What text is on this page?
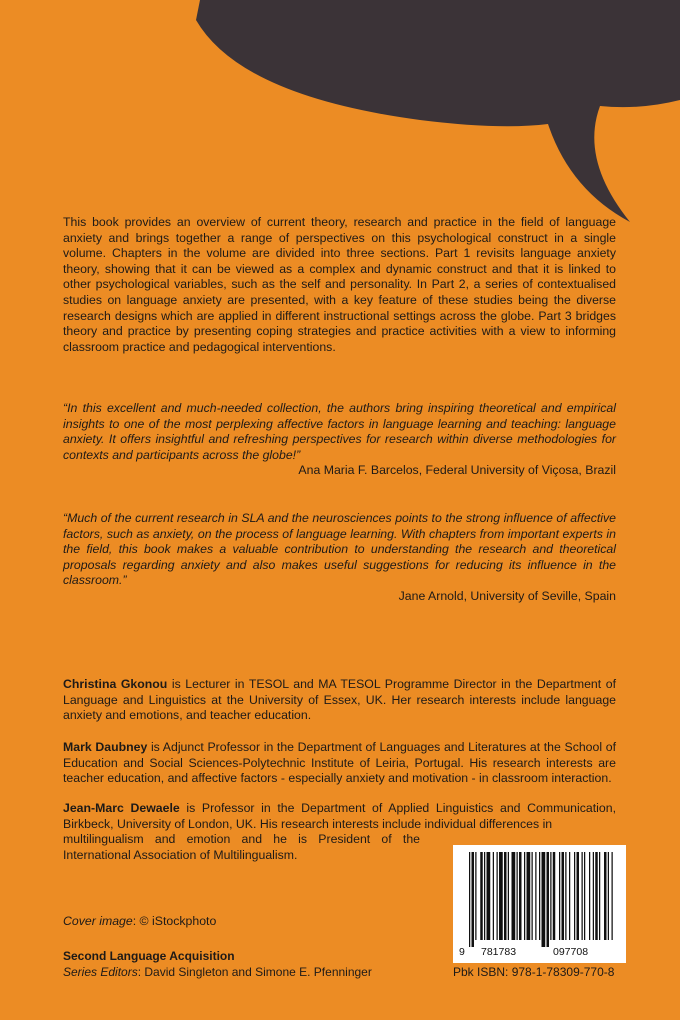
This book provides an overview of current theory, research and practice in the field of language anxiety and brings together a range of perspectives on this psychological construct in a single volume. Chapters in the volume are divided into three sections. Part 1 revisits language anxiety theory, showing that it can be viewed as a complex and dynamic construct and that it is linked to other psychological variables, such as the self and personality. In Part 2, a series of contextualised studies on language anxiety are presented, with a key feature of these studies being the diverse research designs which are applied in different instructional settings across the globe. Part 3 bridges theory and practice by presenting coping strategies and practice activities with a view to informing classroom practice and pedagogical interventions.
“In this excellent and much-needed collection, the authors bring inspiring theoretical and empirical insights to one of the most perplexing affective factors in language learning and teaching: language anxiety. It offers insightful and refreshing perspectives for research within diverse methodologies for contexts and participants across the globe!”
Ana Maria F. Barcelos, Federal University of Viçosa, Brazil
“Much of the current research in SLA and the neurosciences points to the strong influence of affective factors, such as anxiety, on the process of language learning. With chapters from important experts in the field, this book makes a valuable contribution to understanding the research and theoretical proposals regarding anxiety and also makes useful suggestions for reducing its influence in the classroom.”
Jane Arnold, University of Seville, Spain
Christina Gkonou is Lecturer in TESOL and MA TESOL Programme Director in the Department of Language and Linguistics at the University of Essex, UK. Her research interests include language anxiety and emotions, and teacher education.
Mark Daubney is Adjunct Professor in the Department of Languages and Literatures at the School of Education and Social Sciences-Polytechnic Institute of Leiria, Portugal. His research interests are teacher education, and affective factors - especially anxiety and motivation - in classroom interaction.
Jean-Marc Dewaele is Professor in the Department of Applied Linguistics and Communication, Birkbeck, University of London, UK. His research interests include individual differences in
multilingualism and emotion and he is President of the
International Association of Multilingualism.
Cover image: © iStockphoto
Second Language Acquisition
Series Editors: David Singleton and Simone E. Pfenninger
9 781783	097708
Pbk ISBN: 978-1-78309-770-8
